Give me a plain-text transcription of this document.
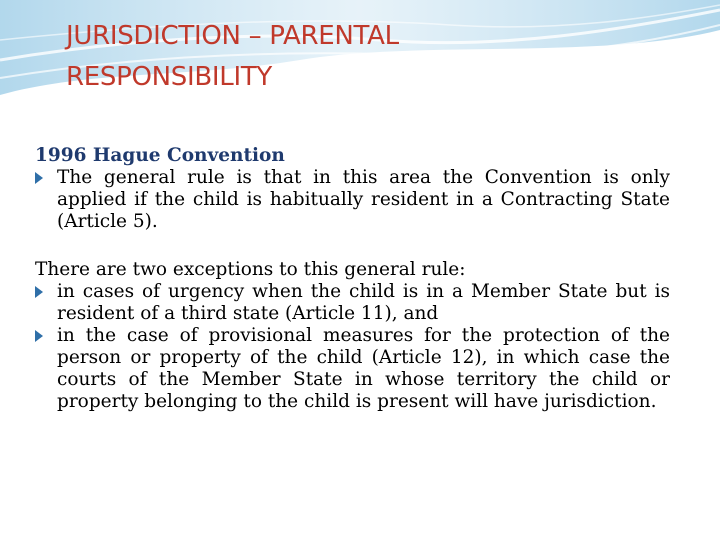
JURISDICTION – PARENTAL
RESPONSIBILITY
1996 Hague Convention
The general rule is that in this area the Convention is only applied if the child is habitually resident in a Contracting State (Article 5).
There are two exceptions to this general rule:
in cases of urgency when the child is in a Member State but is resident of a third state (Article 11), and
in the case of provisional measures for the protection of the person or property of the child (Article 12), in which case the courts of the Member State in whose territory the child or property belonging to the child is present will have jurisdiction.
